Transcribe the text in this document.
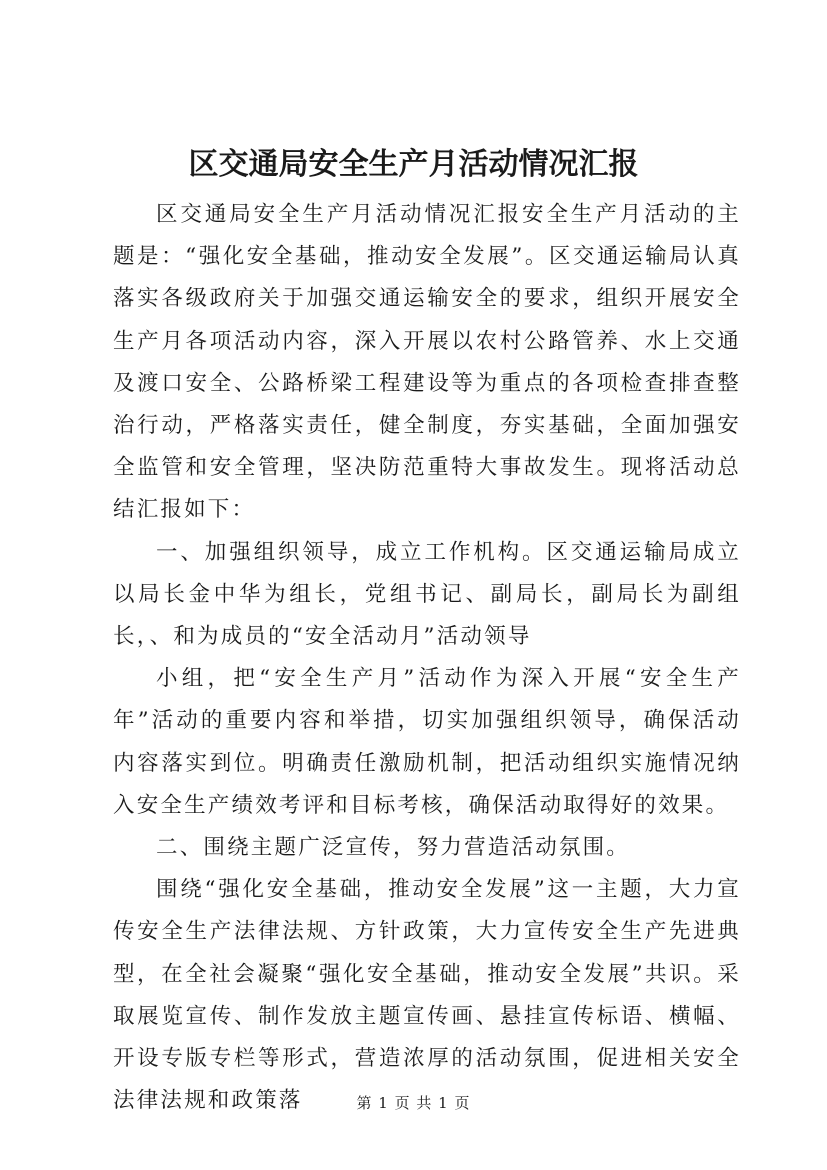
区交通局安全生产月活动情况汇报

区交通局安全生产月活动情况汇报安全生产月活动的主题是：“强化安全基础，推动安全发展”。区交通运输局认真落实各级政府关于加强交通运输安全的要求，组织开展安全生产月各项活动内容，深入开展以农村公路管养、水上交通及渡口安全、公路桥梁工程建设等为重点的各项检查排查整治行动，严格落实责任，健全制度，夯实基础，全面加强安全监管和安全管理，坚决防范重特大事故发生。现将活动总结汇报如下：

一、加强组织领导，成立工作机构。区交通运输局成立以局长金中华为组长，党组书记、副局长，副局长为副组长，、和为成员的“安全活动月”活动领导

小组，把“安全生产月”活动作为深入开展“安全生产年”活动的重要内容和举措，切实加强组织领导，确保活动内容落实到位。明确责任激励机制，把活动组织实施情况纳入安全生产绩效考评和目标考核，确保活动取得好的效果。

二、围绕主题广泛宣传，努力营造活动氛围。

围绕“强化安全基础，推动安全发展”这一主题，大力宣传安全生产法律法规、方针政策，大力宣传安全生产先进典型，在全社会凝聚“强化安全基础，推动安全发展”共识。采取展览宣传、制作发放主题宣传画、悬挂宣传标语、横幅、开设专版专栏等形式，营造浓厚的活动氛围，促进相关安全法律法规和政策落	第 1 页 共 1 页
